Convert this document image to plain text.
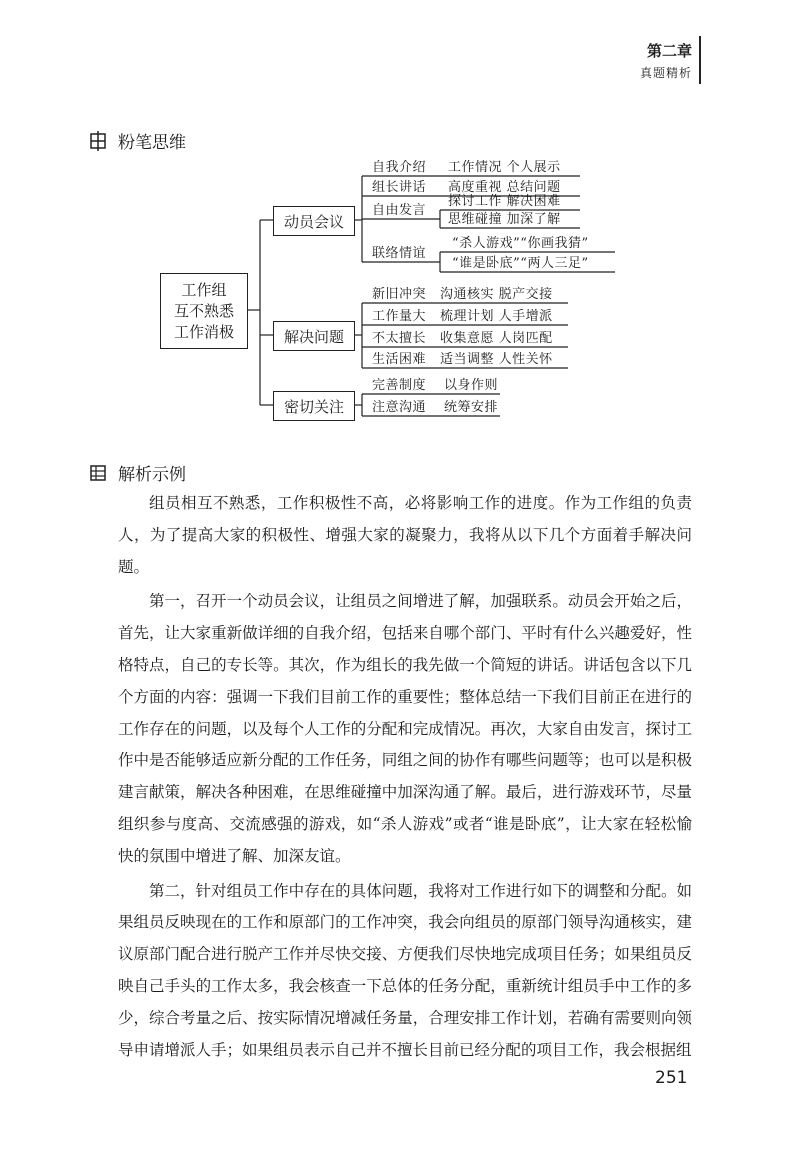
第二章
真题精析
粉笔思维
工作组
互不熟悉
工作消极
动员会议
解决问题
密切关注
自我介绍 工作情况 个人展示
组长讲话 高度重视 总结问题
自由发言
探讨工作 解决困难
思维碰撞 加深了解
联络情谊
“杀人游戏”“你画我猜”
“谁是卧底”“两人三足”
新旧冲突 沟通核实 脱产交接
工作量大 梳理计划 人手增派
不太擅长 收集意愿 人岗匹配
生活困难 适当调整 人性关怀
完善制度 以身作则
注意沟通 统筹安排
解析示例

组员相互不熟悉，工作积极性不高，必将影响工作的进度。作为工作组的负责人，为了提高大家的积极性、增强大家的凝聚力，我将从以下几个方面着手解决问题。

第一，召开一个动员会议，让组员之间增进了解，加强联系。动员会开始之后，首先，让大家重新做详细的自我介绍，包括来自哪个部门、平时有什么兴趣爱好，性格特点，自己的专长等。其次，作为组长的我先做一个简短的讲话。讲话包含以下几个方面的内容：强调一下我们目前工作的重要性；整体总结一下我们目前正在进行的工作存在的问题，以及每个人工作的分配和完成情况。再次，大家自由发言，探讨工作中是否能够适应新分配的工作任务，同组之间的协作有哪些问题等；也可以是积极建言献策，解决各种困难，在思维碰撞中加深沟通了解。最后，进行游戏环节，尽量组织参与度高、交流感强的游戏，如“杀人游戏”或者“谁是卧底”，让大家在轻松愉快的氛围中增进了解、加深友谊。

第二，针对组员工作中存在的具体问题，我将对工作进行如下的调整和分配。如果组员反映现在的工作和原部门的工作冲突，我会向组员的原部门领导沟通核实，建议原部门配合进行脱产工作并尽快交接、方便我们尽快地完成项目任务；如果组员反映自己手头的工作太多，我会核查一下总体的任务分配，重新统计组员手中工作的多少，综合考量之后、按实际情况增减任务量，合理安排工作计划，若确有需要则向领导申请增派人手；如果组员表示自己并不擅长目前已经分配的项目工作，我会根据组

251
